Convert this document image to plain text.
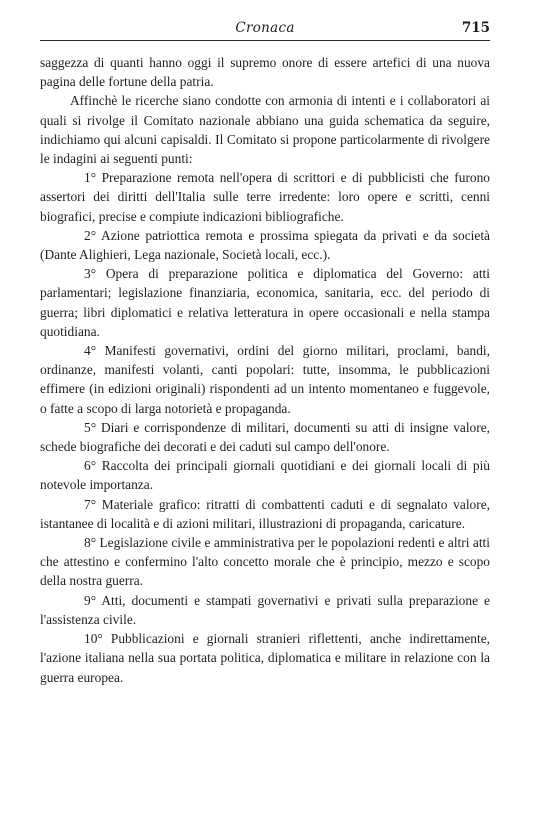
Cronaca	715

saggezza di quanti hanno oggi il supremo onore di essere artefici di una nuova pagina delle fortune della patria.

Affinchè le ricerche siano condotte con armonia di intenti e i collaboratori ai quali si rivolge il Comitato nazionale abbiano una guida schematica da seguire, indichiamo qui alcuni capisaldi. Il Comitato si propone particolarmente di rivolgere le indagini ai seguenti punti:

1° Preparazione remota nell'opera di scrittori e di pubblicisti che furono assertori dei diritti dell'Italia sulle terre irredente: loro opere e scritti, cenni biografici, precise e compiute indicazioni bibliografiche.

2° Azione patriottica remota e prossima spiegata da privati e da società (Dante Alighieri, Lega nazionale, Società locali, ecc.).

3° Opera di preparazione politica e diplomatica del Governo: atti parlamentari; legislazione finanziaria, economica, sanitaria, ecc. del periodo di guerra; libri diplomatici e relativa letteratura in opere occasionali e nella stampa quotidiana.

4° Manifesti governativi, ordini del giorno militari, proclami, bandi, ordinanze, manifesti volanti, canti popolari: tutte, insomma, le pubblicazioni effimere (in edizioni originali) rispondenti ad un intento momentaneo e fuggevole, o fatte a scopo di larga notorietà e propaganda.

5° Diari e corrispondenze di militari, documenti su atti di insigne valore, schede biografiche dei decorati e dei caduti sul campo dell'onore.

6° Raccolta dei principali giornali quotidiani e dei giornali locali di più notevole importanza.

7° Materiale grafico: ritratti di combattenti caduti e di segnalato valore, istantanee di località e di azioni militari, illustrazioni di propaganda, caricature.

8° Legislazione civile e amministrativa per le popolazioni redenti e altri atti che attestino e confermino l'alto concetto morale che è principio, mezzo e scopo della nostra guerra.

9° Atti, documenti e stampati governativi e privati sulla preparazione e l'assistenza civile.

10° Pubblicazioni e giornali stranieri riflettenti, anche indirettamente, l'azione italiana nella sua portata politica, diplomatica e militare in relazione con la guerra europea.
